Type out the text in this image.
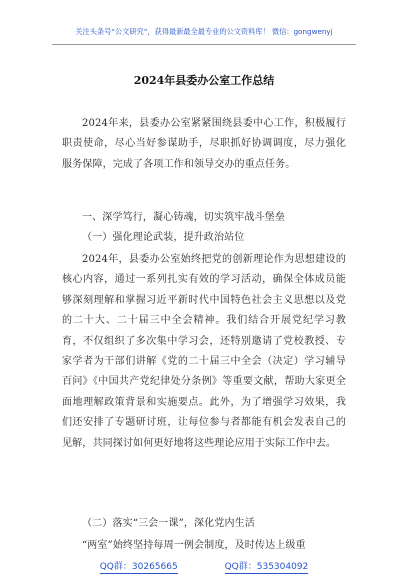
关注头条号“公文研究”，获得最新最全最专业的公文资料库！ 微信：gongwenyj
2024年县委办公室工作总结

2024年来，县委办公室紧紧围绕县委中心工作，积极履行职责使命，尽心当好参谋助手，尽职抓好协调调度，尽力强化服务保障，完成了各项工作和领导交办的重点任务。

一、深学笃行，凝心铸魂，切实筑牢战斗堡垒

（一）强化理论武装，提升政治站位

2024年，县委办公室始终把党的创新理论作为思想建设的核心内容，通过一系列扎实有效的学习活动，确保全体成员能够深刻理解和掌握习近平新时代中国特色社会主义思想以及党的二十大、二十届三中全会精神。我们结合开展党纪学习教育，不仅组织了多次集中学习会，还特别邀请了党校教授、专家学者为干部们讲解《党的二十届三中全会（决定）学习辅导百问》《中国共产党纪律处分条例》等重要文献，帮助大家更全面地理解政策背景和实施要点。此外，为了增强学习效果，我们还安排了专题研讨班，让每位参与者都能有机会发表自己的见解，共同探讨如何更好地将这些理论应用于实际工作中去。

（二）落实“三会一课”，深化党内生活

“两室”始终坚持每周一例会制度，及时传达上级重

QQ群：30265665	QQ群：535304092
